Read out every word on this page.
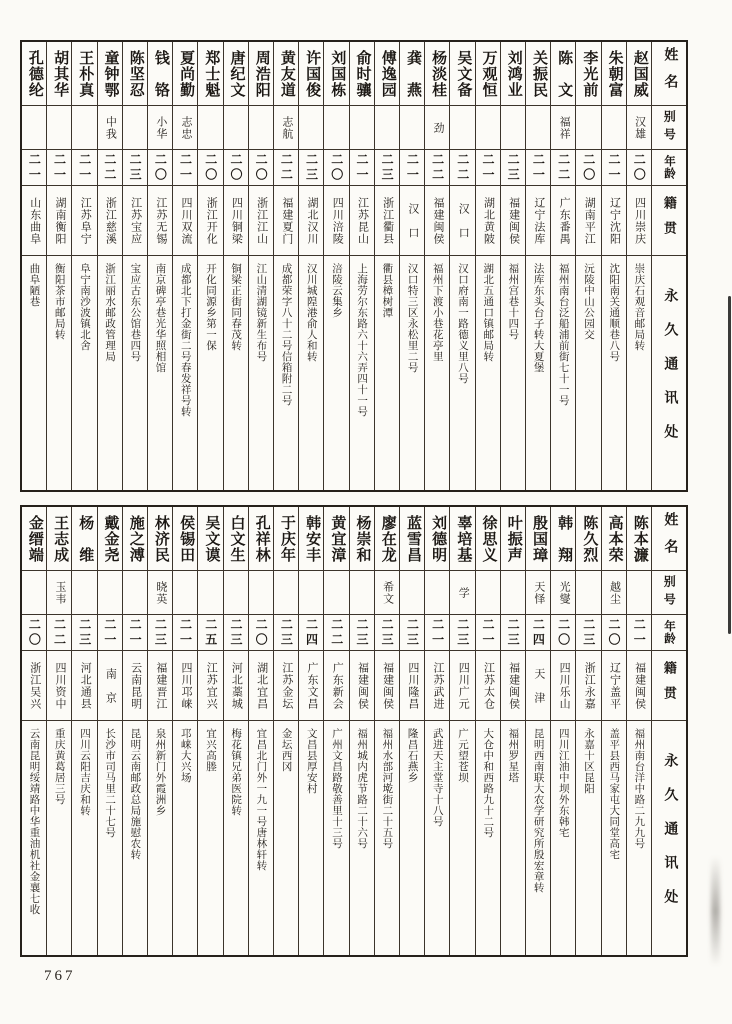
姓名
别号
年龄
籍贯
永久通讯处
赵国威
汉雄
二〇
四川崇庆
崇庆石观音邮局转
朱朝富
二一
辽宁沈阳
沈阳南关通顺巷八号
李光前
二〇
湖南平江
沅陵中山公园交
陈　文
福祥
二二
广东番禺
福州南台泛船浦前街七十一号
关振民
二一
辽宁法库
法库东头台子转大夏堡
刘鸿业
二三
福建闽侯
福州宫巷十四号
万观恒
二一
湖北黄陂
湖北五通口镇邮局转
吴文备
二二
汉　口
汉口府南一路德义里八号
杨淡桂
劲
二二
福建闽侯
福州下渡小巷花亭里
龚　燕
二一
汉　口
汉口特三区永松里二号
傅逸园
二三
浙江衢县
衢县樟树潭
俞时骧
二一
江苏昆山
上海劳尔东路六十六弄四十一号
刘国栋
二〇
四川涪陵
涪陵云集乡
许国俊
二三
湖北汉川
汉川城隍港俞人和转
黄友道
志航
二二
福建夏门
成都荣字八十二号信箱附二号
周浩阳
二〇
浙江江山
江山清湖镜新生布号
唐纪文
二〇
四川铜梁
铜梁正街同春茂转
郑士魁
二〇
浙江开化
开化同源乡第一保
夏尚勤
志忠
二一
四川双流
成都北下打金街二号春发祥号转
钱　铬
小华
二〇
江苏无锡
南京碑亭巷光华照相馆
陈坚忍
二三
江苏宝应
宝应古东公馆巷四号
童钟鄂
中我
二二
浙江慈溪
浙江丽水邮政管理局
王朴真
二一
江苏阜宁
阜宁南沙波镇北舍
胡其华
二一
湖南衡阳
衡阳茶市邮局转
孔德纶
二一
山东曲阜
曲阜陋巷
姓名
别号
年龄
籍贯
永久通讯处
陈本濂
二一
福建闽侯
福州南台洋中路二九九号
高本荣
越尘
二〇
辽宁盖平
盖平县西马家屯大同堂高宅
陈久烈
二三
浙江永嘉
永嘉十区昆阳
韩　翔
光燮
二〇
四川乐山
四川江油中坝外东韩宅
殷国璋
天怿
二四
天　津
昆明西南联大农学研究所殷宏章转
叶振声
二三
福建闽侯
福州罗星塔
徐思义
二一
江苏太仓
大仓中和西路九十二号
辜培基
学
二三
四川广元
广元望苍坝
刘德明
二一
江苏武进
武进天主堂寺十八号
蓝雪昌
二三
四川隆昌
隆昌石燕乡
廖在龙
希文
二三
福建闽侯
福州水部河墘街二十五号
杨崇和
二三
福建闽侯
福州城内虎节路二十六号
黄宜漳
二二
广东新会
广州文昌路敬善里十三号
韩安丰
二四
广东文昌
文昌县厚安村
于庆年
二三
江苏金坛
金坛西冈
孔祥林
二〇
湖北宜昌
宜昌北门外一九一号唐林轩转
白文生
二三
河北藁城
梅花镇兄弟医院转
吴文谟
二五
江苏宜兴
宜兴高塍
侯锡田
二一
四川邛崃
邛崃大兴场
林济民
晓英
二三
福建晋江
泉州新门外霞洲乡
施之溥
二一
云南昆明
昆明云南邮政总局施慰农转
戴金尧
二一
南　京
长沙市司马里二十七号
杨　维
二三
河北通县
四川云阳吉庆和转
王志成
玉韦
二二
四川资中
重庆黄葛居三号
金缙端
二〇
浙江吴兴
云南昆明绥靖路中华重油机社金襄七收
767
